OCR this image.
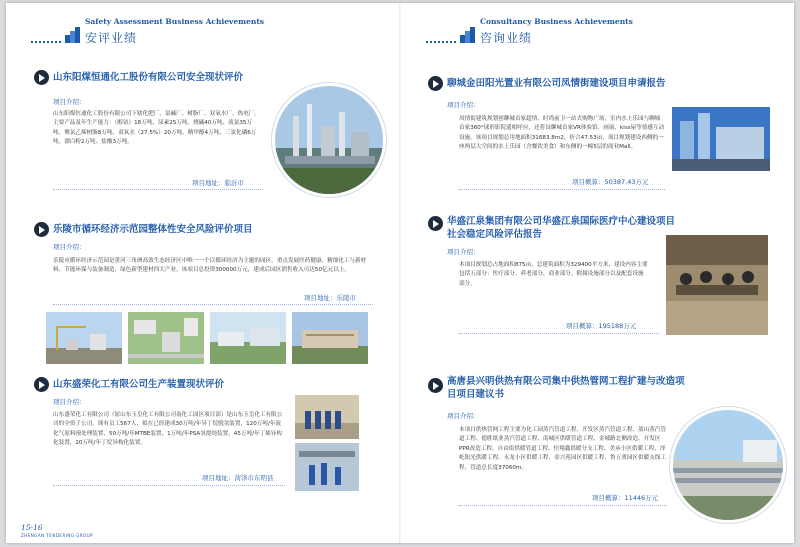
Safety Assessment Business Achievements
安评业绩
Consultancy Business Achievements
咨询业绩
山东阳煤恒通化工股份有限公司安全现状评价
项目介绍：
山东阳煤恒通化工股份有限公司下辖化肥厂、氯碱厂、树脂厂、双氧水厂、热电厂。主要产品及年生产能力：（醇氨）18万吨、尿素25万吨、烧碱40万吨、液氯35万吨、聚氯乙烯树脂8万吨、双氧水（27.5%）20万吨、精甲醇4万吨、三氯化磷6万吨、漂白粉2万吨、盐酸3万吨。
项目地址：临沂市
乐陵市循环经济示范园整体性安全风险评价项目
项目介绍：
乐陵市循环经济示范园是黄河三角洲高效生态经济区中唯一一个以循环经济为主题的园区，重点发展医药健康、精细化工与新材料、节能环保与装备制造、绿色新型建材四大产业。该项目总投资300000万元，建成后园区销售收入可达50亿元以上。
项目地址：乐陵市
山东盛荣化工有限公司生产装置现状评价
项目介绍：
山东盛荣化工有限公司（原山东玉皇化工有限公司南化工园区项目部）是山东玉皇化工有限公司的全资子公司，现有员工567人，拟在已经建成30万吨/年异丁烷脱氢装置，120万吨/年液化气原料预处理装置，50万吨/年MTBE装置，1万吨/年PSA氢提纯装置，45万吨/年丁烯异构化装置，20万吨/年丁烷异构化装置。
项目地址：菏泽市东明县
聊城金田阳光置业有限公司凤情街建设项目申请报告
项目介绍：
凤情街建筑规划创聊城首家超情、时尚前卫一站式购物广场，室内水上乐园与聊城首家360°球形影院遥相呼应，还将设聊城首家VR体验馆、画展、kiss屋等情感互动设施。该项目规划总用地面积31683.8m2，折合47.53亩，项目规划建设西侧的一座两层大空间的水上乐园（含餐饮美食）和东侧的一幢5层的商业Mall。
项目概算：50387.43万元
华盛江泉集团有限公司华盛江泉国际医疗中心建设项目社会稳定风险评估报告
项目介绍：
本项目规划总占地面积875亩，总建筑面积为329400平方米，建设内容主要包括五部分：医疗部分、养老部分、商业部分、附属设施部分以及配套设施部分。
项目概算：195188万元
高唐县兴明供热有限公司集中供热管网工程扩建与改造项目项目建议书
项目介绍：
本项目供热管网工程主要为化工园蒸汽管道工程、开发区蒸汽管道工程、蓝山蒸汽管道工程、德胜纸业蒸汽管道工程、南城区供暖管道工程、金城路北侧改造、开发区PPR改造工程、自由街供暖管道工程、恒翔鑫供暖分支工程、美承小区供暖工程、泽屹阳光供暖工程、永龙小区供暖工程、金兴苑园区供暖工程、鲁五重园区供暖支线工程。管道总长度37060m。
项目概算：11446万元
15-16
ZHENGAN TENDERING GROUP
